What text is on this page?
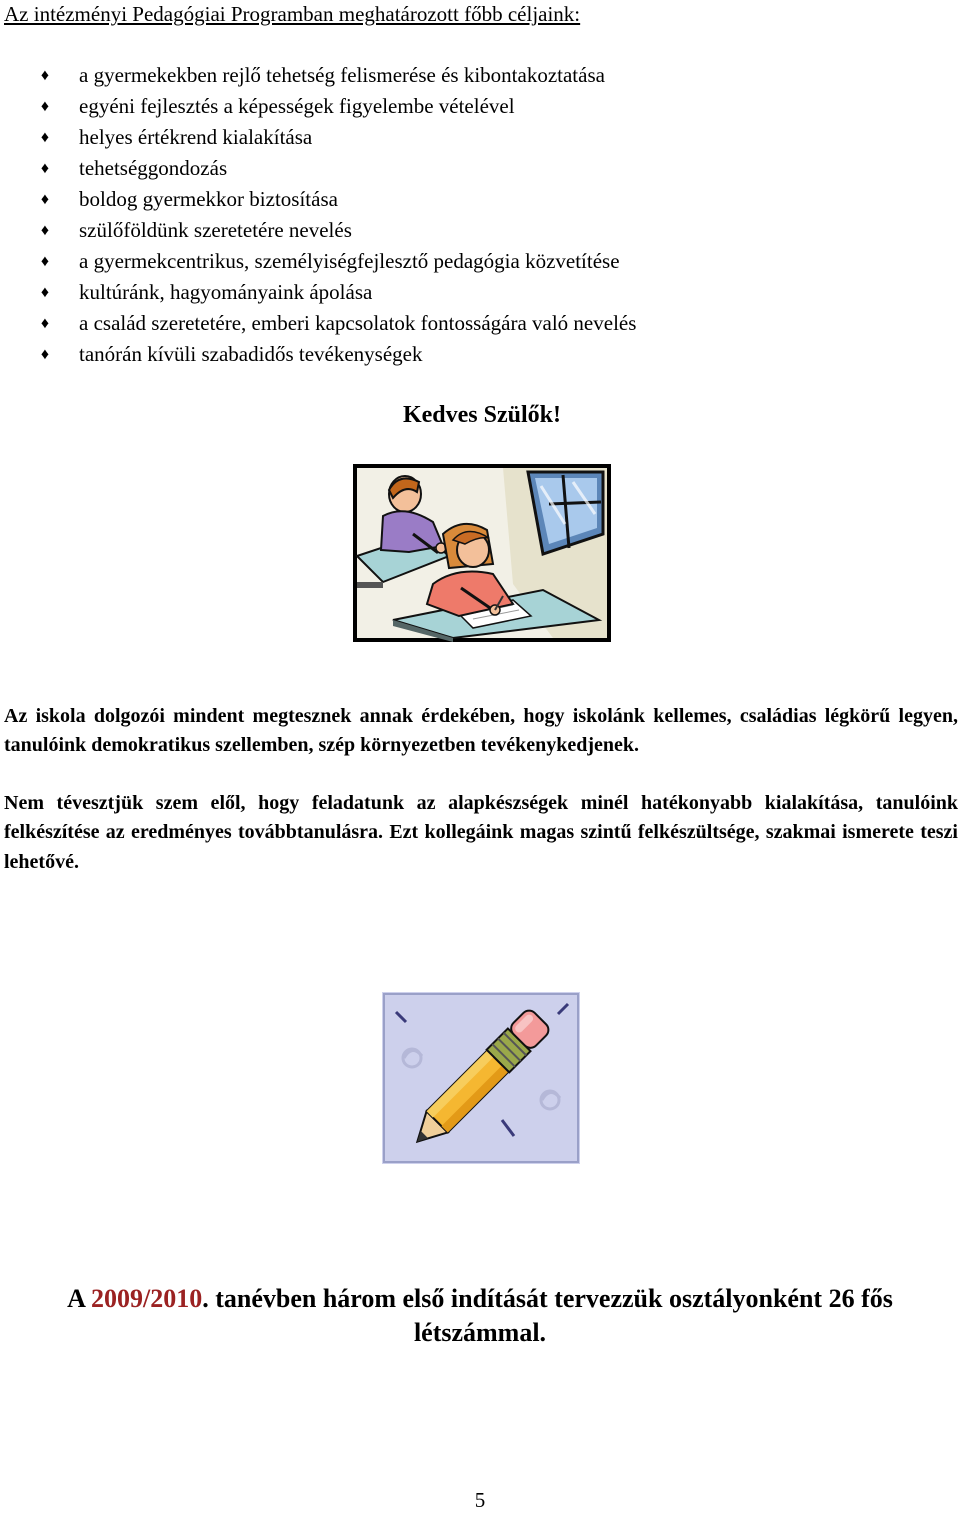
Az intézményi Pedagógiai Programban meghatározott főbb céljaink:
♦ a gyermekekben rejlő tehetség felismerése és kibontakoztatása
♦ egyéni fejlesztés a képességek figyelembe vételével
♦ helyes értékrend kialakítása
♦ tehetséggondozás
♦ boldog gyermekkor biztosítása
♦ szülőföldünk szeretetére nevelés
♦ a gyermekcentrikus, személyiségfejlesztő pedagógia közvetítése
♦ kultúránk, hagyományaink ápolása
♦ a család szeretetére, emberi kapcsolatok fontosságára való nevelés
♦ tanórán kívüli szabadidős tevékenységek
Kedves Szülők!

Az iskola dolgozói mindent megtesznek annak érdekében, hogy iskolánk kellemes, családias légkörű legyen, tanulóink demokratikus szellemben, szép környezetben tevékenykedjenek.

Nem tévesztjük szem elől, hogy feladatunk az alapkészségek minél hatékonyabb kialakítása, tanulóink felkészítése az eredményes továbbtanulásra. Ezt kollegáink magas szintű felkészültsége, szakmai ismerete teszi lehetővé.

A 2009/2010. tanévben három első indítását tervezzük osztályonként 26 fős létszámmal.
5
